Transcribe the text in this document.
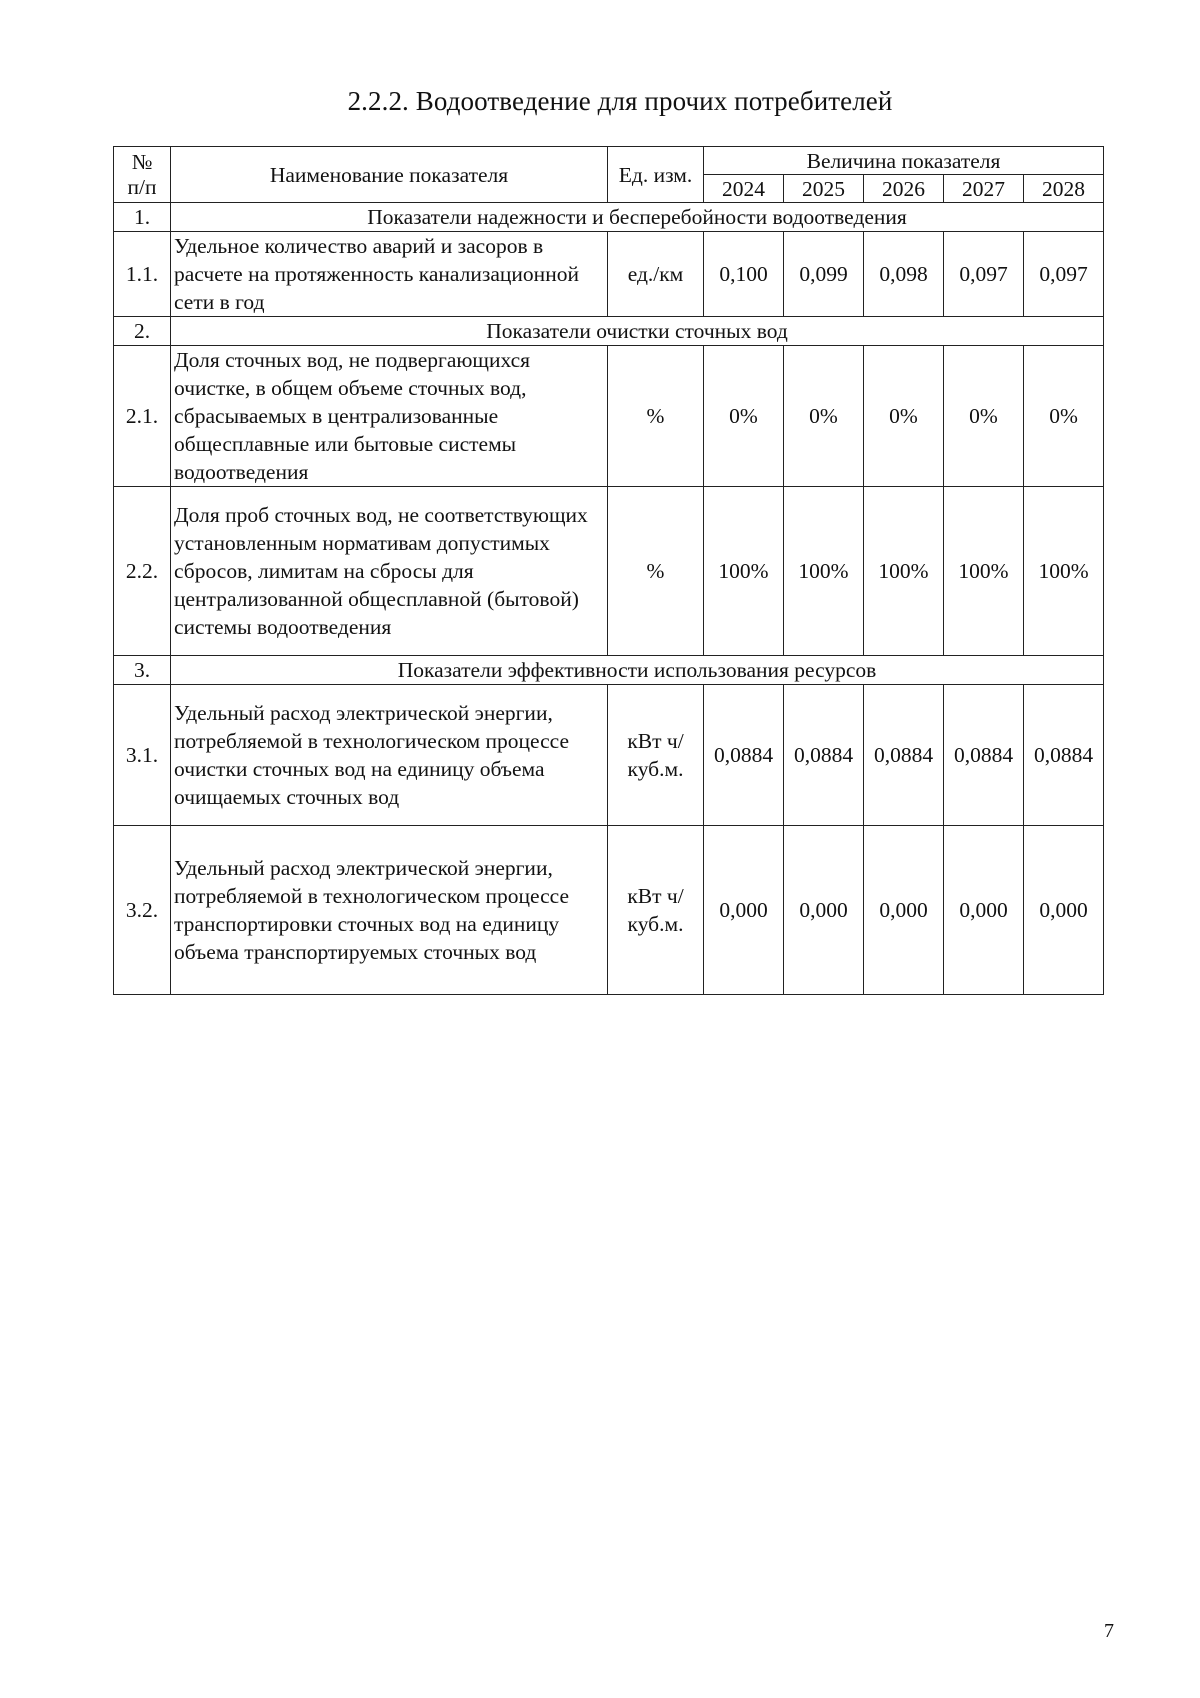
2.2.2. Водоотведение для прочих потребителей
№ п/п	Наименование показателя	Ед. изм.	Величина показателя				
			2024	2025	2026	2027	2028
1.	Показатели надежности и бесперебойности водоотведения						
1.1.	Удельное количество аварий и засоров в расчете на протяженность канализационной сети в год	ед./км	0,100	0,099	0,098	0,097	0,097
2.	Показатели очистки сточных вод						
2.1.	Доля сточных вод, не подвергающихся очистке, в общем объеме сточных вод, сбрасываемых в централизованные общесплавные или бытовые системы водоотведения	%	0%	0%	0%	0%	0%
2.2.	Доля проб сточных вод, не соответствующих установленным нормативам допустимых сбросов, лимитам на сбросы для централизованной общесплавной (бытовой) системы водоотведения	%	100%	100%	100%	100%	100%
3.	Показатели эффективности использования ресурсов						
3.1.	Удельный расход электрической энергии, потребляемой в технологическом процессе очистки сточных вод на единицу объема очищаемых сточных вод	кВт ч/куб.м.	0,0884	0,0884	0,0884	0,0884	0,0884
3.2.	Удельный расход электрической энергии, потребляемой в технологическом процессе транспортировки сточных вод на единицу объема транспортируемых сточных вод	кВт ч/куб.м.	0,000	0,000	0,000	0,000	0,000
7
